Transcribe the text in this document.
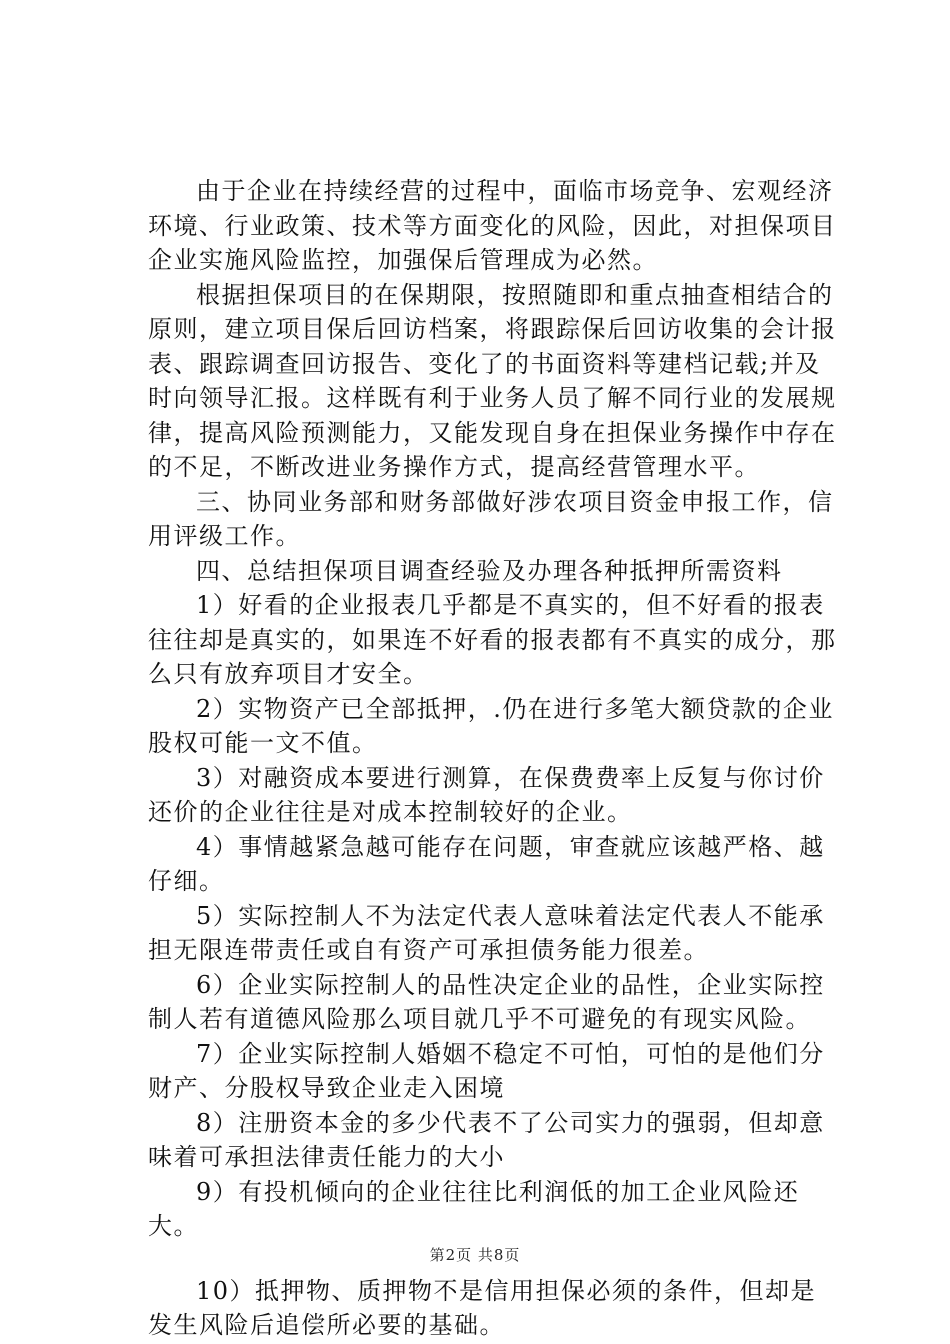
由于企业在持续经营的过程中，面临市场竞争、宏观经济环境、行业政策、技术等方面变化的风险，因此，对担保项目企业实施风险监控，加强保后管理成为必然。

根据担保项目的在保期限，按照随即和重点抽查相结合的原则，建立项目保后回访档案，将跟踪保后回访收集的会计报表、跟踪调查回访报告、变化了的书面资料等建档记载;并及时向领导汇报。这样既有利于业务人员了解不同行业的发展规律，提高风险预测能力，又能发现自身在担保业务操作中存在的不足，不断改进业务操作方式，提高经营管理水平。

三、协同业务部和财务部做好涉农项目资金申报工作，信用评级工作。

四、总结担保项目调查经验及办理各种抵押所需资料

1）好看的企业报表几乎都是不真实的，但不好看的报表往往却是真实的，如果连不好看的报表都有不真实的成分，那么只有放弃项目才安全。

2）实物资产已全部抵押，.仍在进行多笔大额贷款的企业股权可能一文不值。

3）对融资成本要进行测算，在保费费率上反复与你讨价还价的企业往往是对成本控制较好的企业。

4）事情越紧急越可能存在问题，审查就应该越严格、越仔细。

5）实际控制人不为法定代表人意味着法定代表人不能承担无限连带责任或自有资产可承担债务能力很差。

6）企业实际控制人的品性决定企业的品性，企业实际控制人若有道德风险那么项目就几乎不可避免的有现实风险。

7）企业实际控制人婚姻不稳定不可怕，可怕的是他们分财产、分股权导致企业走入困境

8）注册资本金的多少代表不了公司实力的强弱，但却意味着可承担法律责任能力的大小

9）有投机倾向的企业往往比利润低的加工企业风险还大。

10）抵押物、质押物不是信用担保必须的条件，但却是发生风险后追偿所必要的基础。

第2页 共8页
